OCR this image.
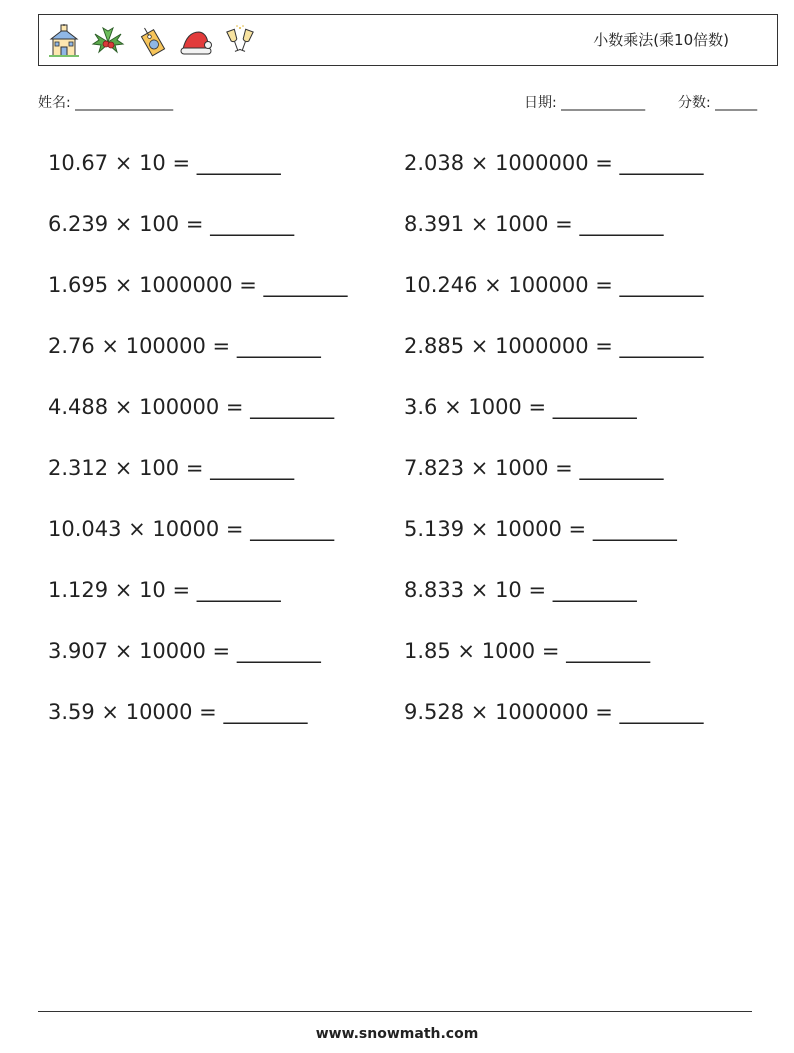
小数乘法(乘10倍数)
姓名: ______________	日期: ____________ 分数: ______
10.67 × 10 = ________	2.038 × 1000000 = ________
6.239 × 100 = ________	8.391 × 1000 = ________
1.695 × 1000000 = ________	10.246 × 100000 = ________
2.76 × 100000 = ________	2.885 × 1000000 = ________
4.488 × 100000 = ________	3.6 × 1000 = ________
2.312 × 100 = ________	7.823 × 1000 = ________
10.043 × 10000 = ________	5.139 × 10000 = ________
1.129 × 10 = ________	8.833 × 10 = ________
3.907 × 10000 = ________	1.85 × 1000 = ________
3.59 × 10000 = ________	9.528 × 1000000 = ________
www.snowmath.com
